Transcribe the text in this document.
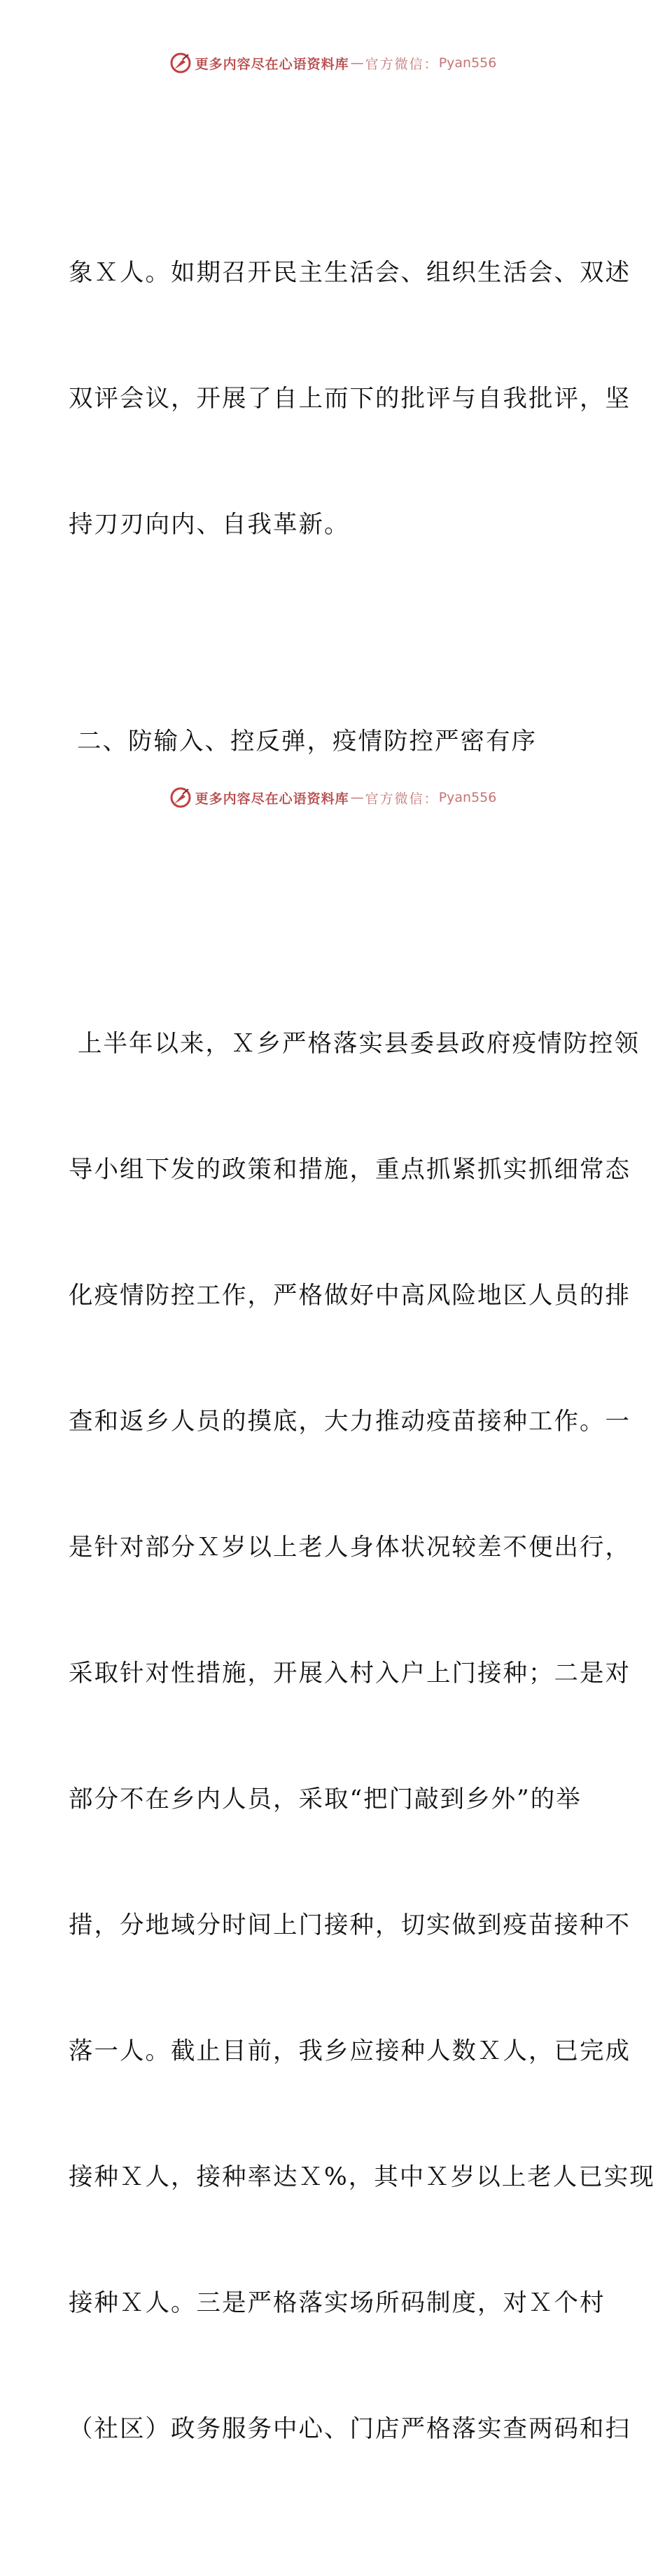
更多内容尽在心语资料库 — 官方微信： Pyan556

象Ｘ人。如期召开民主生活会、组织生活会、双述

双评会议，开展了自上而下的批评与自我批评，坚

持刀刃向内、自我革新。

二、防输入、控反弹，疫情防控严密有序

上半年以来，Ｘ乡严格落实县委县政府疫情防控领

导小组下发的政策和措施，重点抓紧抓实抓细常态

化疫情防控工作，严格做好中高风险地区人员的排

查和返乡人员的摸底，大力推动疫苗接种工作。一

是针对部分Ｘ岁以上老人身体状况较差不便出行，

采取针对性措施，开展入村入户上门接种；二是对

部分不在乡内人员，采取“把门敲到乡外”的举

措，分地域分时间上门接种，切实做到疫苗接种不

落一人。截止目前，我乡应接种人数Ｘ人，已完成

接种Ｘ人，接种率达Ｘ%，其中Ｘ岁以上老人已实现

接种Ｘ人。三是严格落实场所码制度，对Ｘ个村

（社区）政务服务中心、门店严格落实查两码和扫

更多内容尽在心语资料库 — 官方微信： Pyan556
